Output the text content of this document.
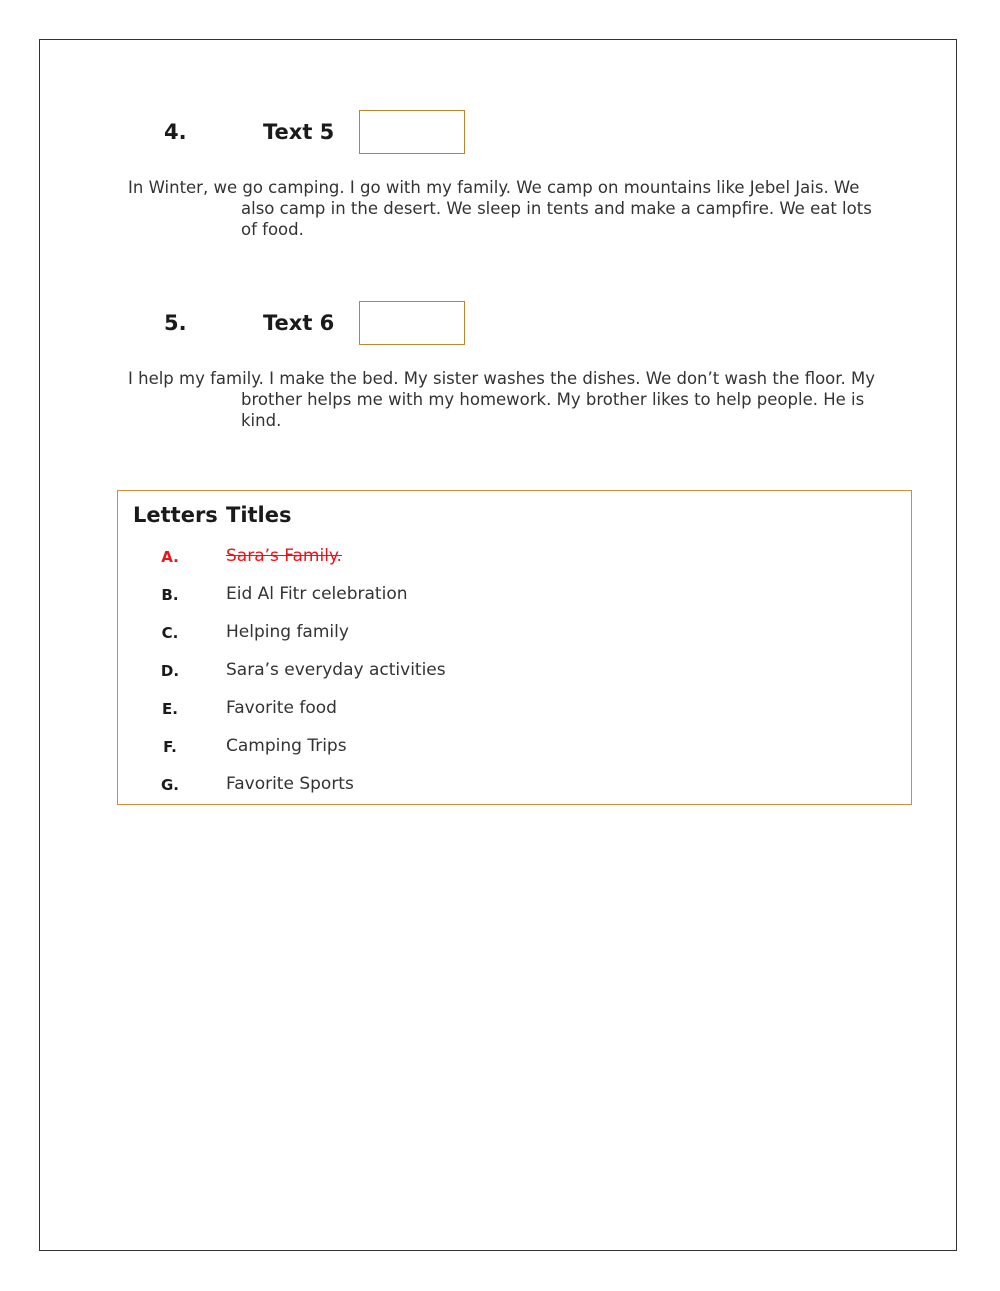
4.	Text 5

In Winter, we go camping. I go with my family. We camp on mountains like Jebel Jais. We also camp in the desert. We sleep in tents and make a campfire. We eat lots of food.

5.	Text 6

I help my family. I make the bed. My sister washes the dishes. We don’t wash the floor. My brother helps me with my homework. My brother likes to help people. He is kind.

Letters Titles
A.	Sara’s Family.
B.	Eid Al Fitr celebration
C.	Helping family
D.	Sara’s everyday activities
E.	Favorite food
F.	Camping Trips
G.	Favorite Sports
